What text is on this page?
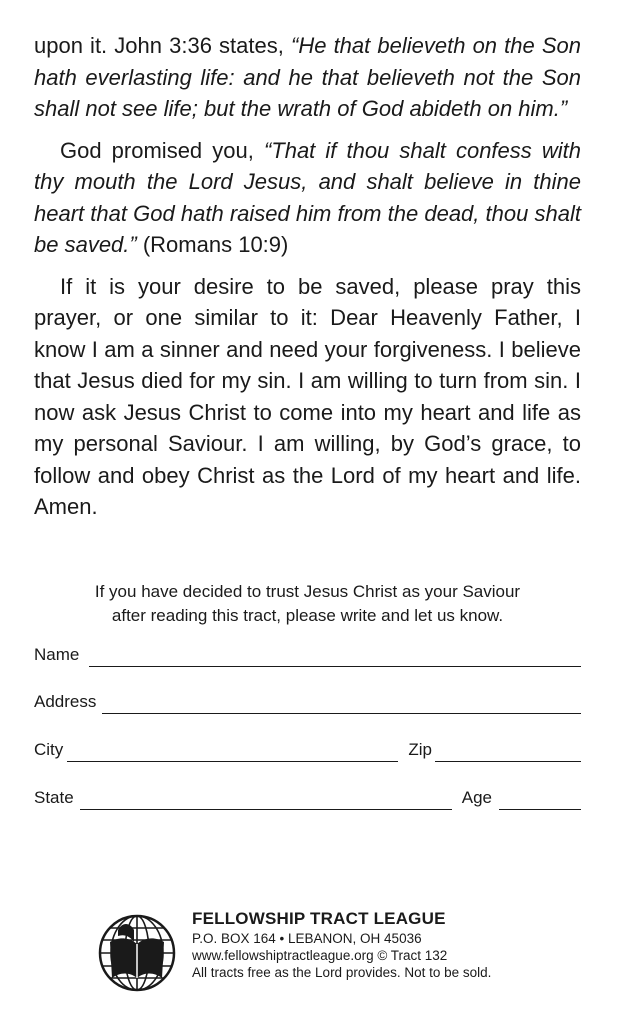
upon it. John 3:36 states, “He that believeth on the Son hath everlasting life: and he that believeth not the Son shall not see life; but the wrath of God abideth on him.”

God promised you, “That if thou shalt confess with thy mouth the Lord Jesus, and shalt believe in thine heart that God hath raised him from the dead, thou shalt be saved.” (Romans 10:9)

If it is your desire to be saved, please pray this prayer, or one similar to it: Dear Heavenly Father, I know I am a sinner and need your forgiveness. I believe that Jesus died for my sin. I am willing to turn from sin. I now ask Jesus Christ to come into my heart and life as my personal Saviour. I am willing, by God’s grace, to follow and obey Christ as the Lord of my heart and life. Amen.

If you have decided to trust Jesus Christ as your Saviour
after reading this tract, please write and let us know.
Name
Address
City	Zip
State	Age
FELLOWSHIP TRACT LEAGUE
P.O. BOX 164 • LEBANON, OH 45036
www.fellowshiptractleague.org © Tract 132
All tracts free as the Lord provides. Not to be sold.
